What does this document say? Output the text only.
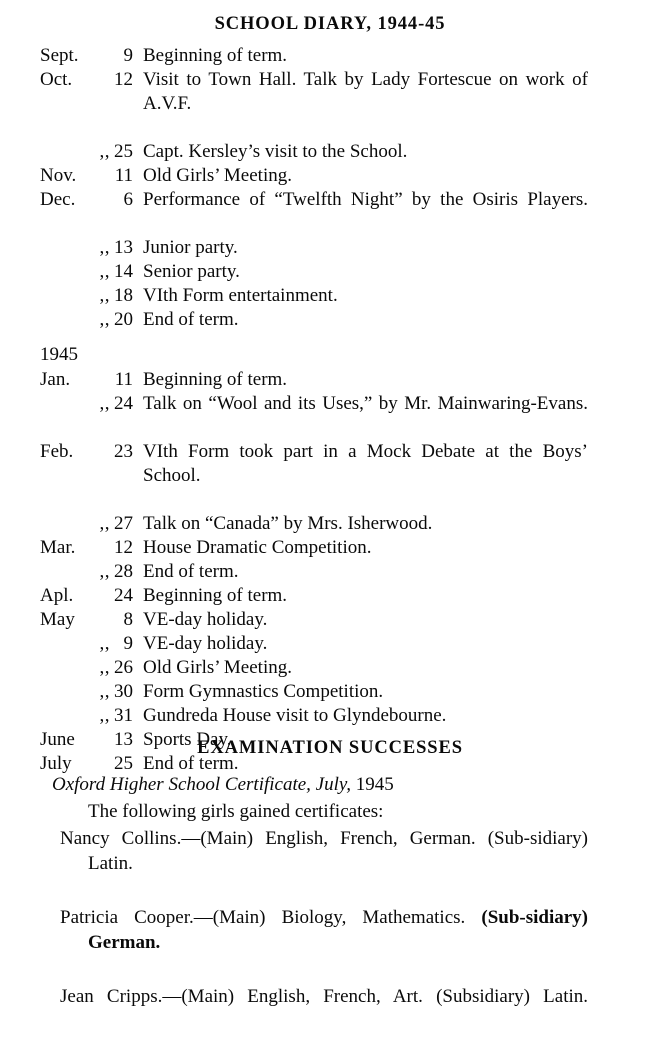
SCHOOL DIARY, 1944-45
Sept.	9 Beginning of term.
Oct.	12 Visit to Town Hall. Talk by Lady Fortescue on work of A.V.F.
,, 25 Capt. Kersley’s visit to the School.
Nov.	11 Old Girls’ Meeting.
Dec.	6 Performance of “Twelfth Night” by the Osiris Players.
,, 13 Junior party.
,, 14 Senior party.
,, 18 VIth Form entertainment.
,, 20 End of term.
1945
Jan.	11 Beginning of term.
,, 24 Talk on “Wool and its Uses,” by Mr. Mainwaring-Evans.
Feb.	23 VIth Form took part in a Mock Debate at the Boys’ School.
,, 27 Talk on “Canada” by Mrs. Isherwood.
Mar.	12 House Dramatic Competition.
,, 28 End of term.
Apl.	24 Beginning of term.
May	8 VE-day holiday.
,, 9 VE-day holiday.
,, 26 Old Girls’ Meeting.
,, 30 Form Gymnastics Competition.
,, 31 Gundreda House visit to Glyndebourne.
June	13 Sports Day.
July	25 End of term.
EXAMINATION SUCCESSES
Oxford Higher School Certificate, July, 1945
The following girls gained certificates:
Nancy Collins.—(Main) English, French, German. (Sub-sidiary) Latin.
Patricia Cooper.—(Main) Biology, Mathematics. (Sub-sidiary) German.
Jean Cripps.—(Main) English, French, Art. (Subsidiary) Latin.
